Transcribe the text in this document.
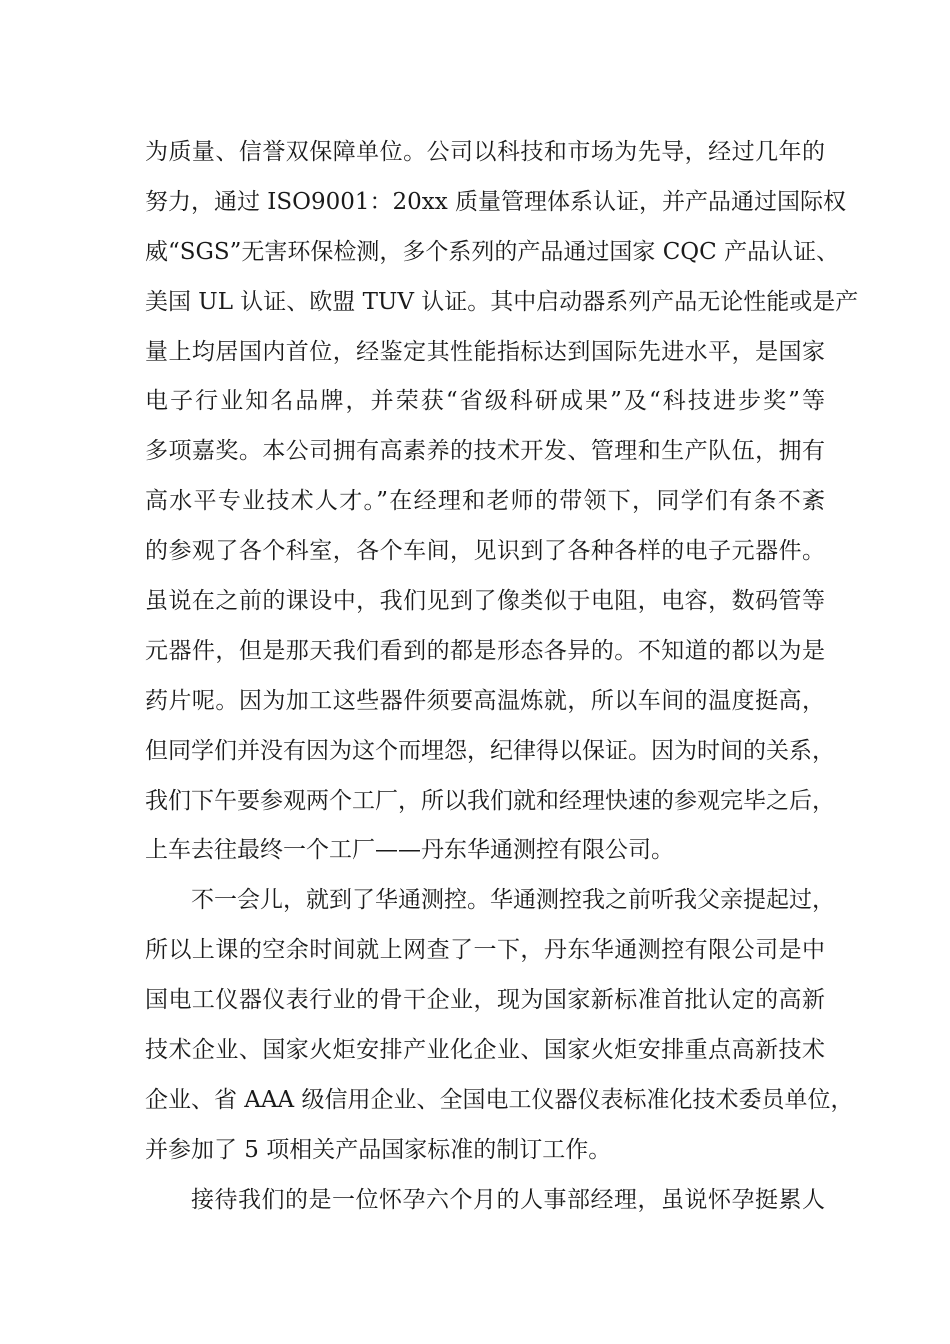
为质量、信誉双保障单位。公司以科技和市场为先导，经过几年的
努力，通过 ISO9001：20xx 质量管理体系认证，并产品通过国际权
威“SGS”无害环保检测，多个系列的产品通过国家 CQC 产品认证、
美国 UL 认证、欧盟 TUV 认证。其中启动器系列产品无论性能或是产
量上均居国内首位，经鉴定其性能指标达到国际先进水平，是国家
电子行业知名品牌，并荣获“省级科研成果”及“科技进步奖”等
多项嘉奖。本公司拥有高素养的技术开发、管理和生产队伍，拥有
高水平专业技术人才。”在经理和老师的带领下，同学们有条不紊
的参观了各个科室，各个车间，见识到了各种各样的电子元器件。
虽说在之前的课设中，我们见到了像类似于电阻，电容，数码管等
元器件，但是那天我们看到的都是形态各异的。不知道的都以为是
药片呢。因为加工这些器件须要高温炼就，所以车间的温度挺高，
但同学们并没有因为这个而埋怨，纪律得以保证。因为时间的关系，
我们下午要参观两个工厂，所以我们就和经理快速的参观完毕之后，
上车去往最终一个工厂——丹东华通测控有限公司。
不一会儿，就到了华通测控。华通测控我之前听我父亲提起过，
所以上课的空余时间就上网查了一下，丹东华通测控有限公司是中
国电工仪器仪表行业的骨干企业，现为国家新标准首批认定的高新
技术企业、国家火炬安排产业化企业、国家火炬安排重点高新技术
企业、省 AAA 级信用企业、全国电工仪器仪表标准化技术委员单位，
并参加了 5 项相关产品国家标准的制订工作。
接待我们的是一位怀孕六个月的人事部经理，虽说怀孕挺累人
